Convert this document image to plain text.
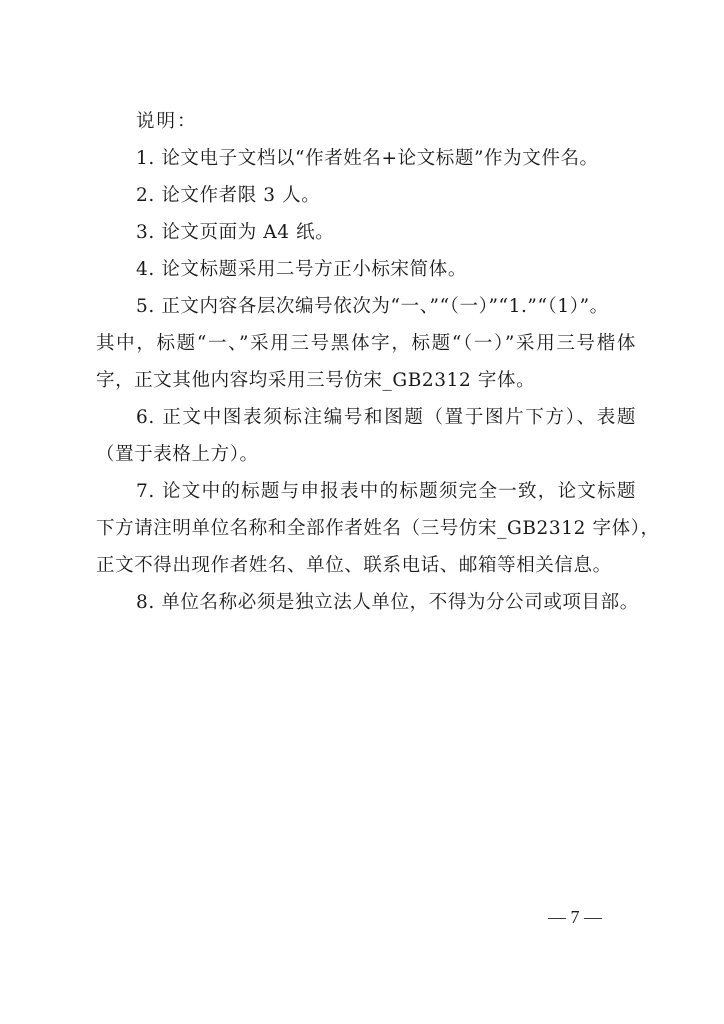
说明：
1. 论文电子文档以“作者姓名+论文标题”作为文件名。
2. 论文作者限 3 人。
3. 论文页面为 A4 纸。
4. 论文标题采用二号方正小标宋简体。
5. 正文内容各层次编号依次为“一、”“（一）”“1.”“（1）”。
其中，标题“一、”采用三号黑体字，标题“（一）”采用三号楷体
字，正文其他内容均采用三号仿宋_GB2312 字体。
6. 正文中图表须标注编号和图题（置于图片下方）、表题
（置于表格上方）。
7. 论文中的标题与申报表中的标题须完全一致，论文标题
下方请注明单位名称和全部作者姓名（三号仿宋_GB2312 字体），
正文不得出现作者姓名、单位、联系电话、邮箱等相关信息。
8. 单位名称必须是独立法人单位，不得为分公司或项目部。
— 7 —
